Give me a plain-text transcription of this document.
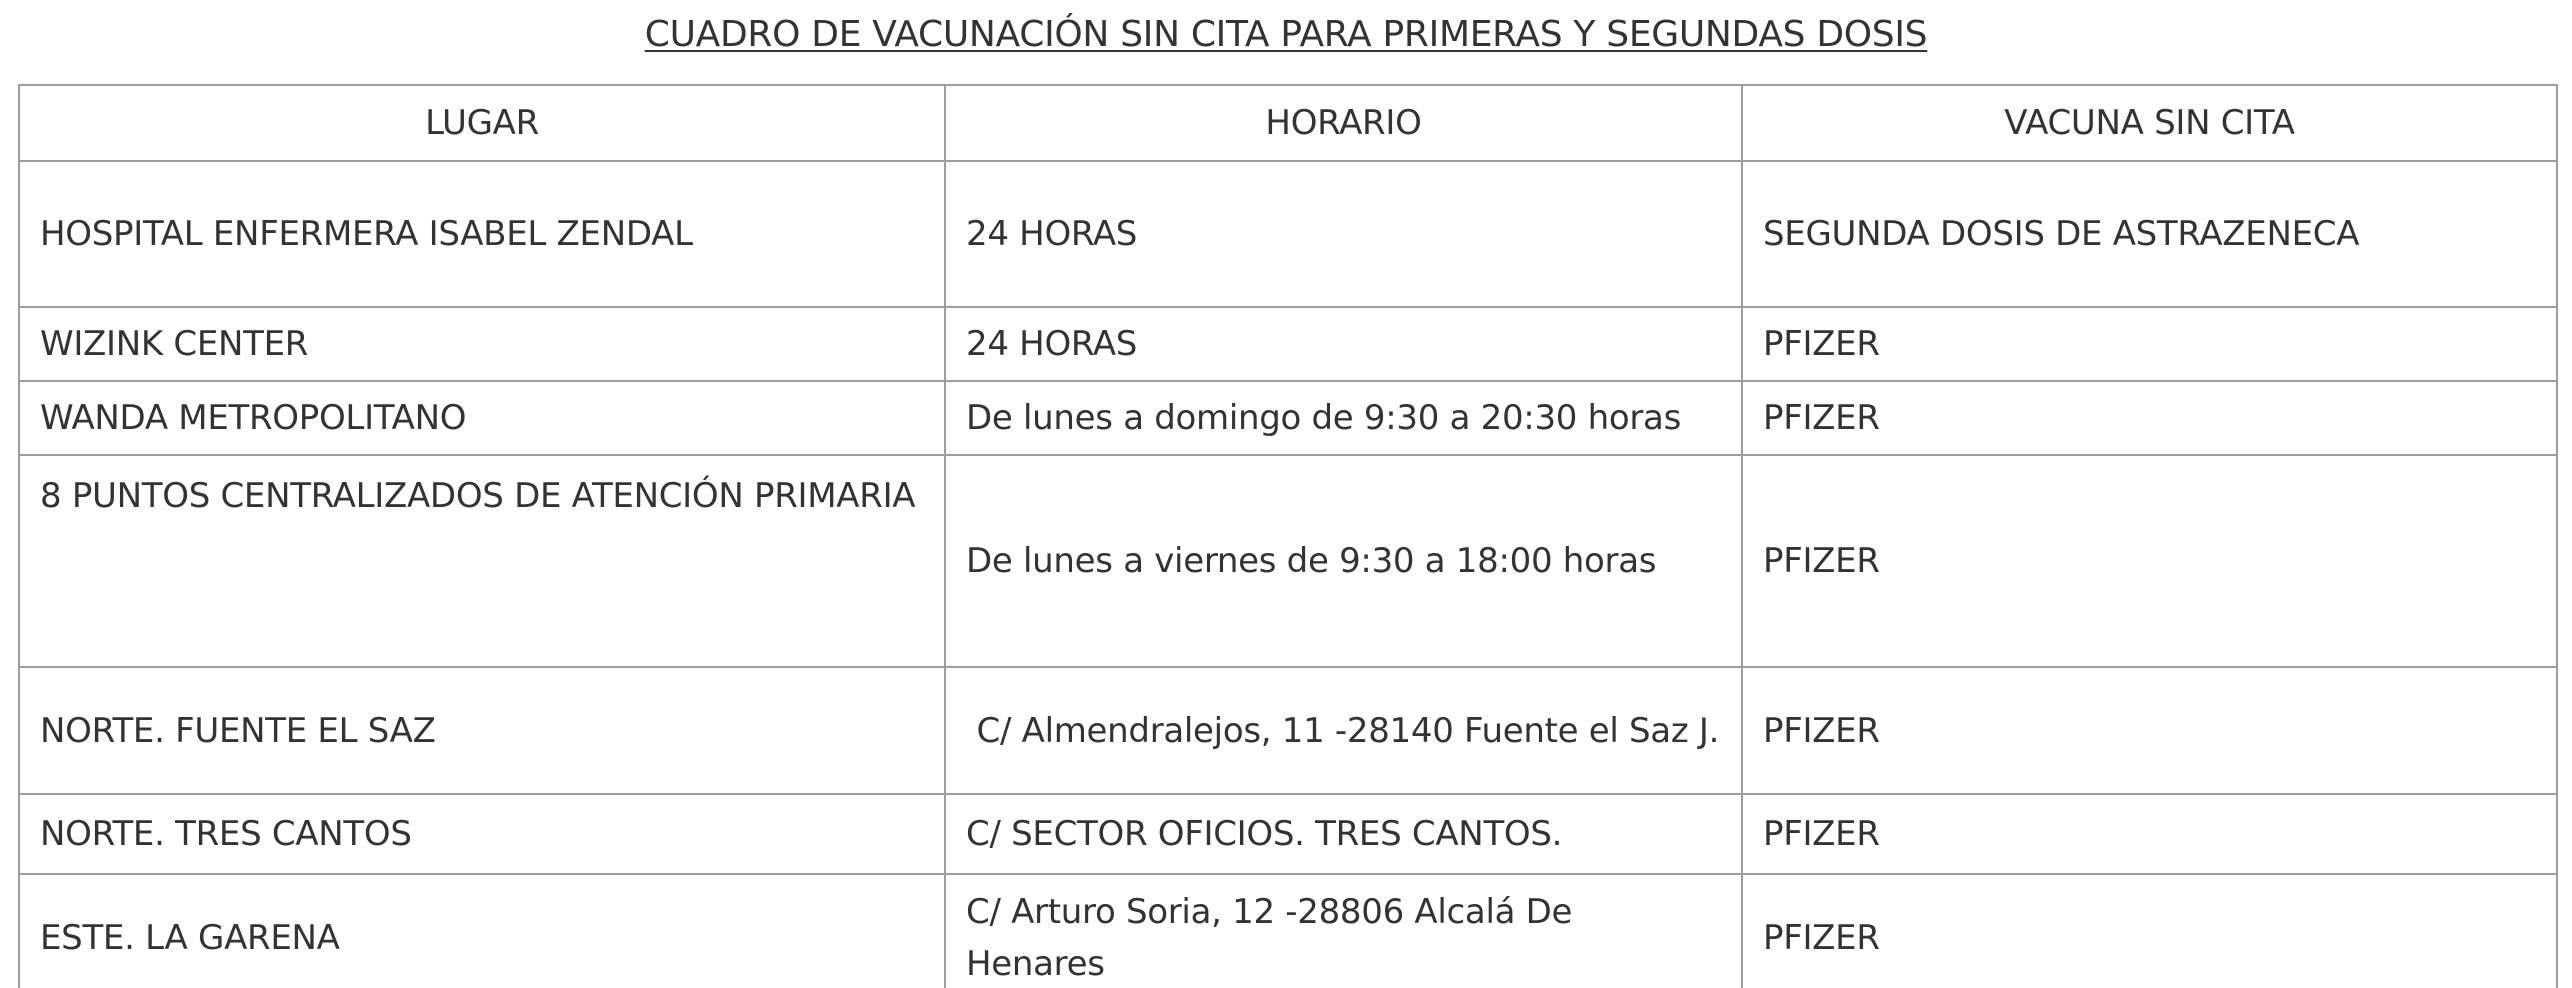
CUADRO DE VACUNACIÓN SIN CITA PARA PRIMERAS Y SEGUNDAS DOSIS
LUGAR	HORARIO	VACUNA SIN CITA
HOSPITAL ENFERMERA ISABEL ZENDAL	24 HORAS	SEGUNDA DOSIS DE ASTRAZENECA
WIZINK CENTER	24 HORAS	PFIZER
WANDA METROPOLITANO	De lunes a domingo de 9:30 a 20:30 horas	PFIZER
8 PUNTOS CENTRALIZADOS DE ATENCIÓN PRIMARIA	De lunes a viernes de 9:30 a 18:00 horas	PFIZER
NORTE. FUENTE EL SAZ	C/ Almendralejos, 11 -28140 Fuente el Saz J.	PFIZER
NORTE. TRES CANTOS	C/ SECTOR OFICIOS. TRES CANTOS.	PFIZER
ESTE. LA GARENA	C/ Arturo Soria, 12 -28806 Alcalá De Henares	PFIZER
